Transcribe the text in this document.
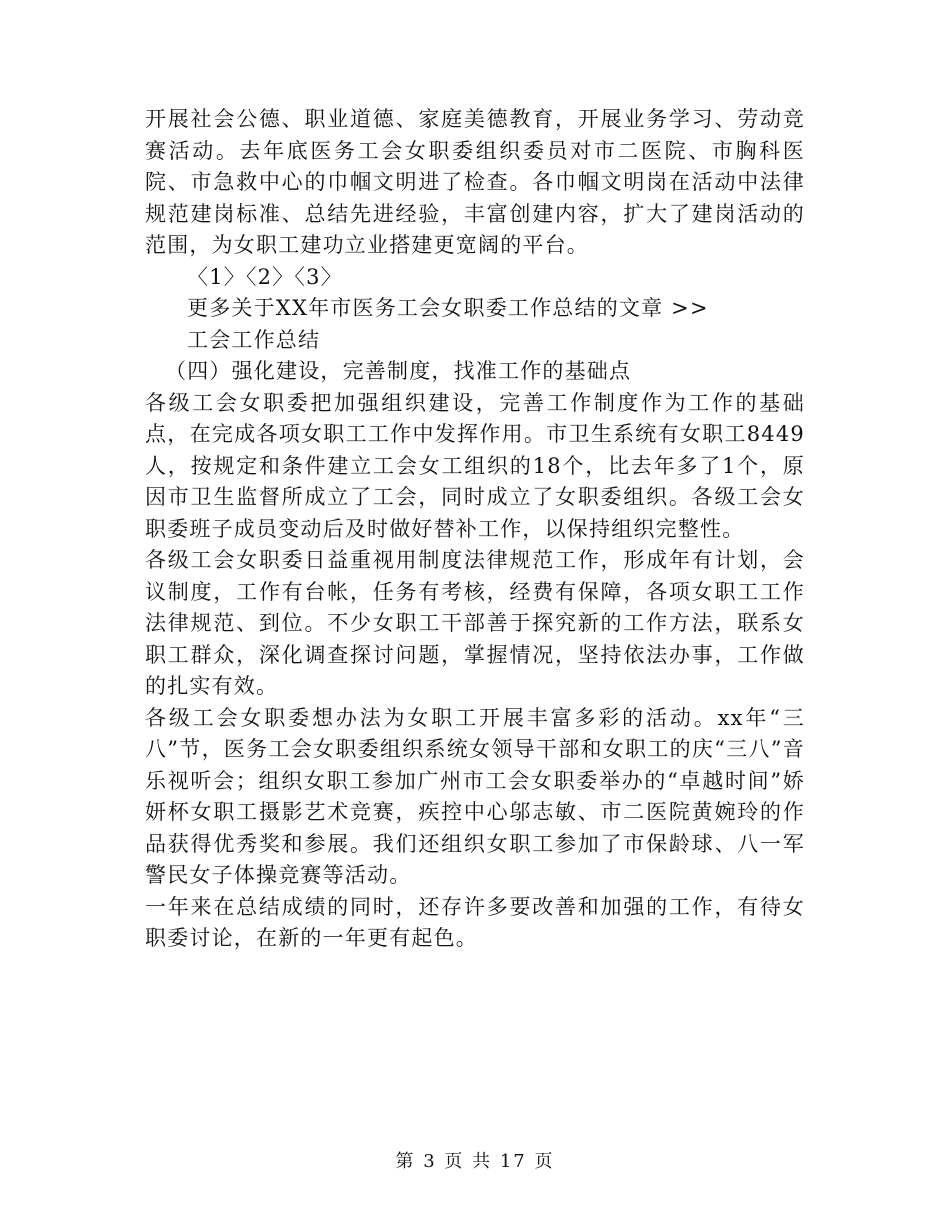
开展社会公德、职业道德、家庭美德教育，开展业务学习、劳动竞赛活动。去年底医务工会女职委组织委员对市二医院、市胸科医院、市急救中心的巾帼文明进了检查。各巾帼文明岗在活动中法律规范建岗标准、总结先进经验，丰富创建内容，扩大了建岗活动的范围，为女职工建功立业搭建更宽阔的平台。

〈1〉〈2〉〈3〉

更多关于XX年市医务工会女职委工作总结的文章 >>

工会工作总结

（四）强化建设，完善制度，找准工作的基础点

各级工会女职委把加强组织建设，完善工作制度作为工作的基础点，在完成各项女职工工作中发挥作用。市卫生系统有女职工8449人，按规定和条件建立工会女工组织的18个，比去年多了1个，原因市卫生监督所成立了工会，同时成立了女职委组织。各级工会女职委班子成员变动后及时做好替补工作，以保持组织完整性。

各级工会女职委日益重视用制度法律规范工作，形成年有计划，会议制度，工作有台帐，任务有考核，经费有保障，各项女职工工作法律规范、到位。不少女职工干部善于探究新的工作方法，联系女职工群众，深化调查探讨问题，掌握情况，坚持依法办事，工作做的扎实有效。

各级工会女职委想办法为女职工开展丰富多彩的活动。xx年“三八”节，医务工会女职委组织系统女领导干部和女职工的庆“三八”音乐视听会；组织女职工参加广州市工会女职委举办的“卓越时间”娇妍杯女职工摄影艺术竞赛，疾控中心邬志敏、市二医院黄婉玲的作品获得优秀奖和参展。我们还组织女职工参加了市保龄球、八一军警民女子体操竞赛等活动。

一年来在总结成绩的同时，还存许多要改善和加强的工作，有待女职委讨论，在新的一年更有起色。

第 3 页 共 17 页
